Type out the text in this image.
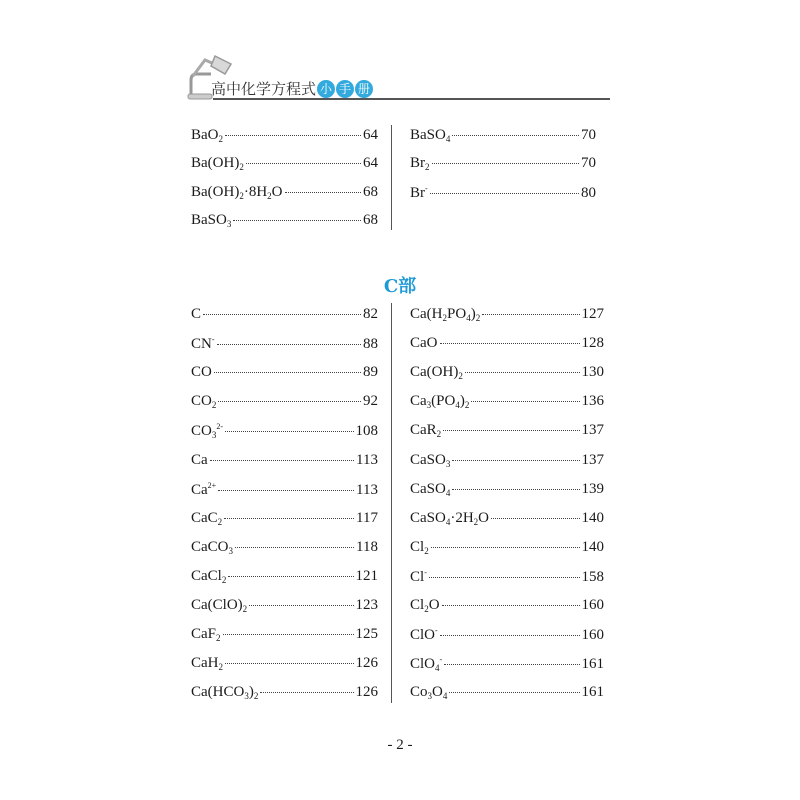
高中化学方程式 小 手 册
BaO$_2$	64
$Ba(OH)_2$	64
$Ba(OH)_2\cdot 8H_2O$	68
BaSO$_3$	68
BaSO$_4$	70
$Br_2$	70
Br-	80
C部
C	82
CN-	88
CO	89
$CO_2$	92
$CO_3^{2-}$	108
Ca	113
$Ca^{2+}$	113
CaC$_2$	117
CaCO$_3$	118
CaCl$_2$	121
$Ca(ClO)_2$	123
CaF$_2$	125
CaH$_2$	126
$Ca(HCO_3)_2$	126
$Ca(H_2PO_4)_2$	127
CaO	128
$Ca(OH)_2$	130
$Ca_3(PO_4)_2$	136
CaR$_2$	137
CaSO$_3$	137
CaSO$_4$	139
$CaSO_4\cdot 2H_2O$	140
$Cl_2$	140
Cl-	158
$Cl_2O$	160
ClO-	160
ClO$_4$-	161
$Co_3O_4$	161
- 2 -
